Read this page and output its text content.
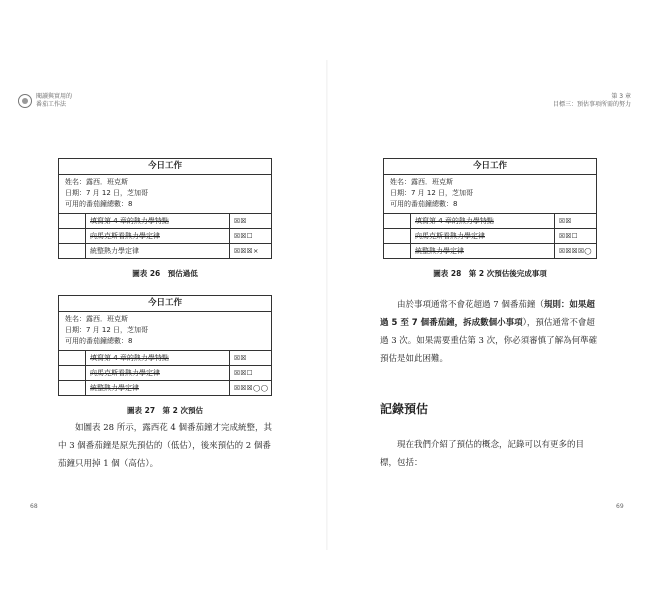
閱讀與實用的
番茄工作法
今日工作
姓名：露西．班克斯
日期：7 月 12 日，芝加哥
可用的番茄鐘總數：8
	填寫第 4 章的熱力學特點	☒☒
	向馬克斯看熱力學定律	☒☒☐
	統整熱力學定律	☒☒☒×
圖表 26　預估過低
今日工作
姓名：露西．班克斯
日期：7 月 12 日，芝加哥
可用的番茄鐘總數：8
	填寫第 4 章的熱力學特點	☒☒
	向馬克斯看熱力學定律	☒☒☐
	統整熱力學定律	☒☒☒◯◯
圖表 27　第 2 次預估
如圖表 28 所示，露西花 4 個番茄鐘才完成統整，其
中 3 個番茄鐘是原先預估的（低估），後來預估的 2 個番
茄鐘只用掉 1 個（高估）。
68
第 3 章
目標三：預估事項所需的努力
今日工作
姓名：露西．班克斯
日期：7 月 12 日，芝加哥
可用的番茄鐘總數：8
	填寫第 4 章的熱力學特點	☒☒
	向馬克斯看熱力學定律	☒☒☐
	統整熱力學定律	☒☒☒☒◯
圖表 28　第 2 次預估後完成事項
由於事項通常不會花超過 7 個番茄鐘（規則：如果超
過 5 至 7 個番茄鐘，拆成數個小事項），預估通常不會超
過 3 次。如果需要重估第 3 次，你必須審慎了解為何準確
預估是如此困難。
記錄預估
現在我們介紹了預估的概念，記錄可以有更多的目
標，包括：
69
